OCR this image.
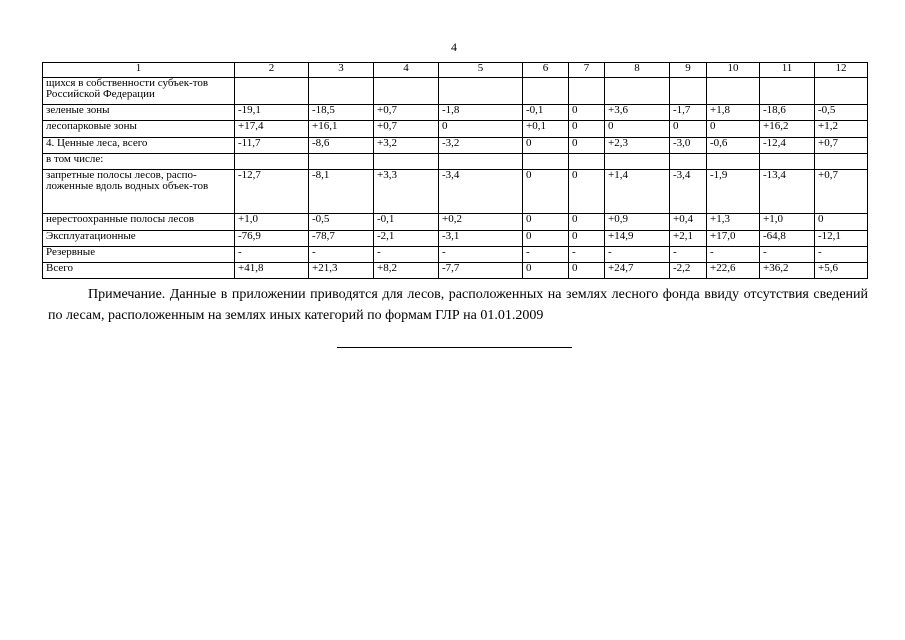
4
1	2	3	4	5	6	7	8	9	10	11	12
щихся в собственности субъек-тов Российской Федерации											
зеленые зоны	-19,1	-18,5	+0,7	-1,8	-0,1	0	+3,6	-1,7	+1,8	-18,6	-0,5
лесопарковые зоны	+17,4	+16,1	+0,7	0	+0,1	0	0	0	0	+16,2	+1,2
4. Ценные леса, всего	-11,7	-8,6	+3,2	-3,2	0	0	+2,3	-3,0	-0,6	-12,4	+0,7
в том числе:											
запретные полосы лесов, распо-ложенные вдоль водных объек-тов	-12,7	-8,1	+3,3	-3,4	0	0	+1,4	-3,4	-1,9	-13,4	+0,7
нерестоохранные полосы лесов	+1,0	-0,5	-0,1	+0,2	0	0	+0,9	+0,4	+1,3	+1,0	0
Эксплуатационные	-76,9	-78,7	-2,1	-3,1	0	0	+14,9	+2,1	+17,0	-64,8	-12,1
Резервные	-	-	-	-	-	-	-	-	-	-	-
Всего	+41,8	+21,3	+8,2	-7,7	0	0	+24,7	-2,2	+22,6	+36,2	+5,6
Примечание. Данные в приложении приводятся для лесов, расположенных на землях лесного фонда ввиду отсутствия сведений по лесам, расположенным на землях иных категорий по формам ГЛР на 01.01.2009
